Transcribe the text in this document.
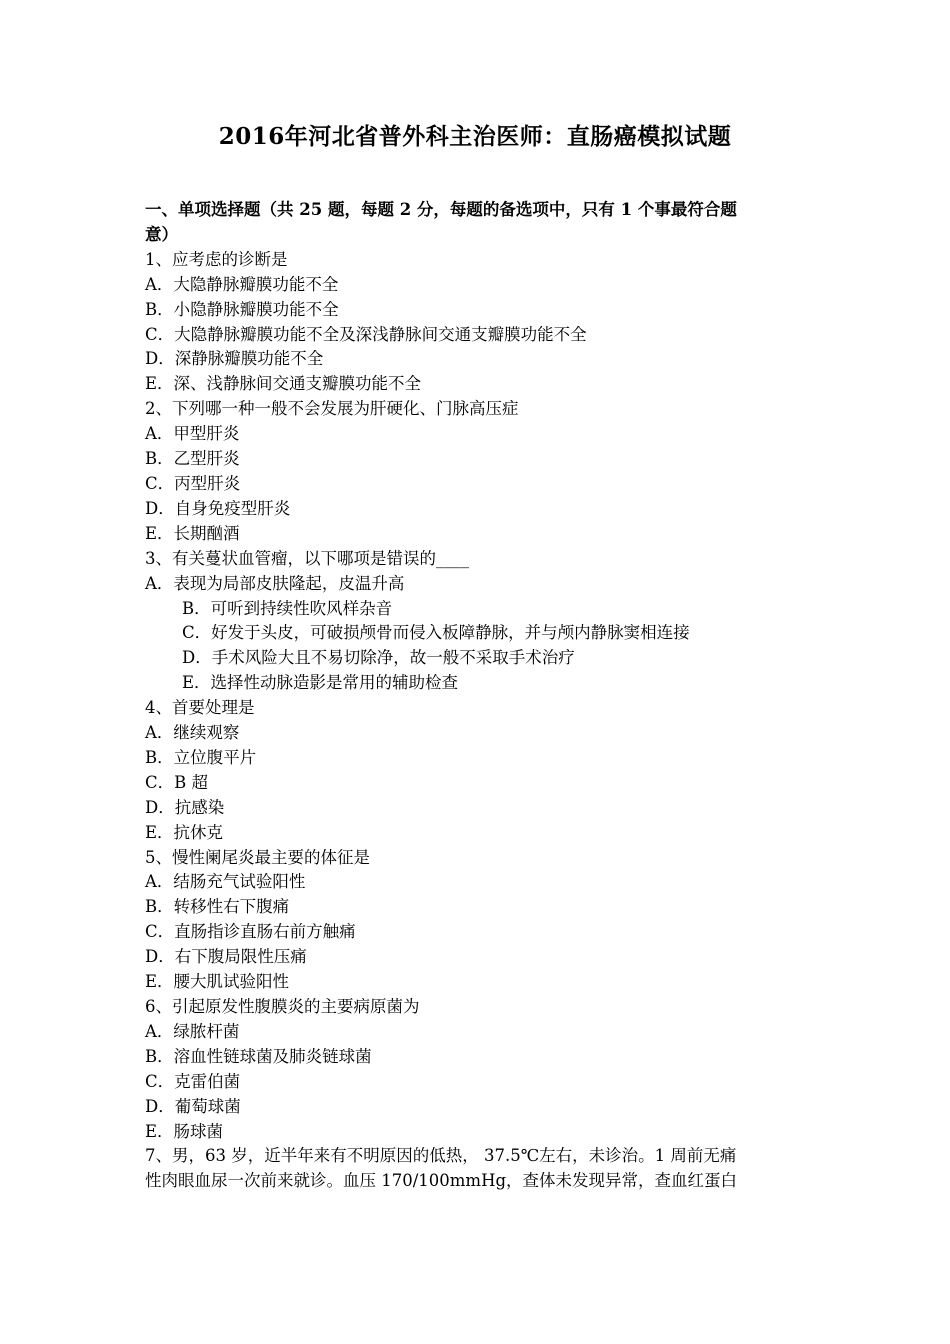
2016年河北省普外科主治医师：直肠癌模拟试题
一、单项选择题（共 25 题，每题 2 分，每题的备选项中，只有 1 个事最符合题
意）
1、应考虑的诊断是
A．大隐静脉瓣膜功能不全
B．小隐静脉瓣膜功能不全
C．大隐静脉瓣膜功能不全及深浅静脉间交通支瓣膜功能不全
D．深静脉瓣膜功能不全
E．深、浅静脉间交通支瓣膜功能不全
2、下列哪一种一般不会发展为肝硬化、门脉高压症
A．甲型肝炎
B．乙型肝炎
C．丙型肝炎
D．自身免疫型肝炎
E．长期酗酒
3、有关蔓状血管瘤，以下哪项是错误的____
A．表现为局部皮肤隆起，皮温升高
B．可听到持续性吹风样杂音
C．好发于头皮，可破损颅骨而侵入板障静脉，并与颅内静脉窦相连接
D．手术风险大且不易切除净，故一般不采取手术治疗
E．选择性动脉造影是常用的辅助检查
4、首要处理是
A．继续观察
B．立位腹平片
C．B 超
D．抗感染
E．抗休克
5、慢性阑尾炎最主要的体征是
A．结肠充气试验阳性
B．转移性右下腹痛
C．直肠指诊直肠右前方触痛
D．右下腹局限性压痛
E．腰大肌试验阳性
6、引起原发性腹膜炎的主要病原菌为
A．绿脓杆菌
B．溶血性链球菌及肺炎链球菌
C．克雷伯菌
D．葡萄球菌
E．肠球菌
7、男，63 岁，近半年来有不明原因的低热， 37.5℃左右，未诊治。1 周前无痛
性肉眼血尿一次前来就诊。血压 170/100mmHg，查体未发现异常，查血红蛋白
